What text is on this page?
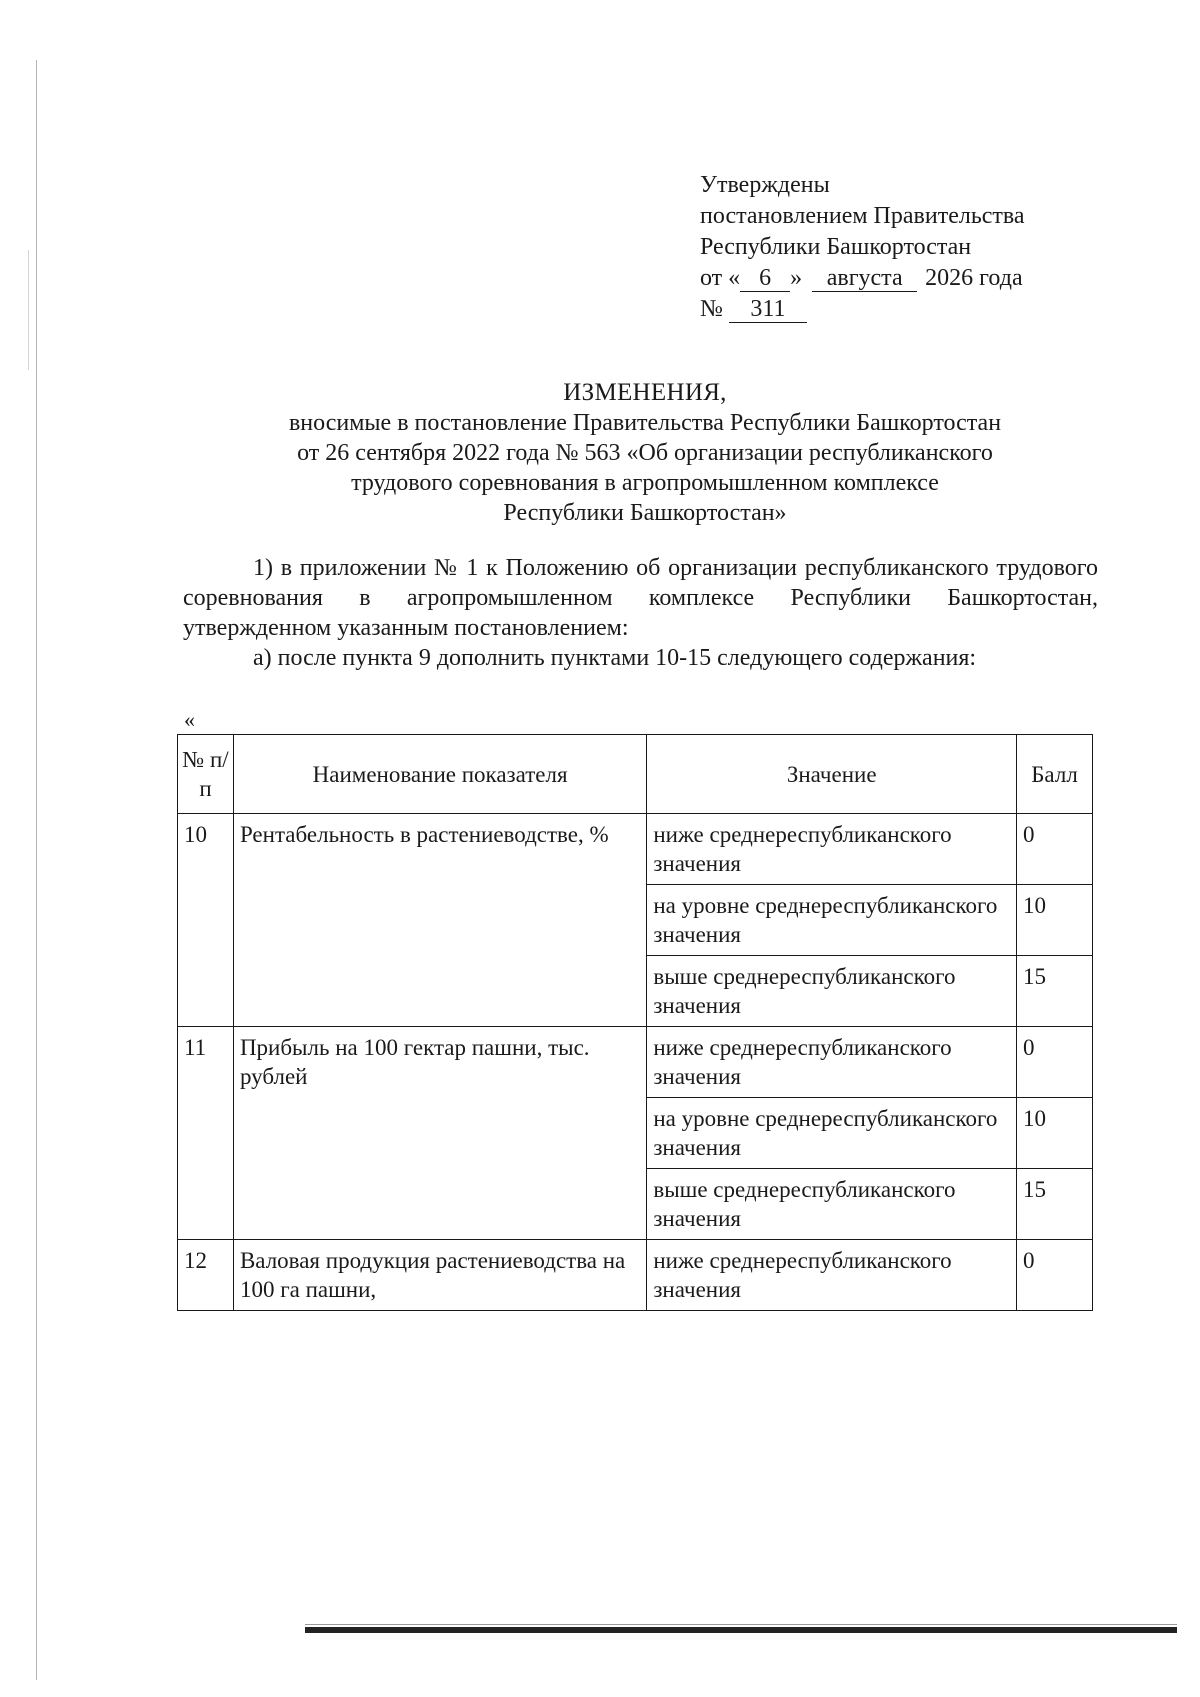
Утверждены
постановлением Правительства
Республики Башкортостан
от « 6 » августа 2026 года
№ 311
ИЗМЕНЕНИЯ,
вносимые в постановление Правительства Республики Башкортостан
от 26 сентября 2022 года № 563 «Об организации республиканского
трудового соревнования в агропромышленном комплексе
Республики Башкортостан»

1) в приложении № 1 к Положению об организации республиканского трудового соревнования в агропромышленном комплексе Республики Башкортостан, утвержденном указанным постановлением:

а) после пункта 9 дополнить пунктами 10-15 следующего содержания:

«
№ п/п	Наименование показателя	Значение	Балл
10	Рентабельность в растениеводстве, %	ниже среднереспубликанского значения	0
		на уровне среднереспубликанского значения	10
		выше среднереспубликанского значения	15
11	Прибыль на 100 гектар пашни, тыс. рублей	ниже среднереспубликанского значения	0
		на уровне среднереспубликанского значения	10
		выше среднереспубликанского значения	15
12	Валовая продукция растениеводства на 100 га пашни,	ниже среднереспубликанского значения	0
